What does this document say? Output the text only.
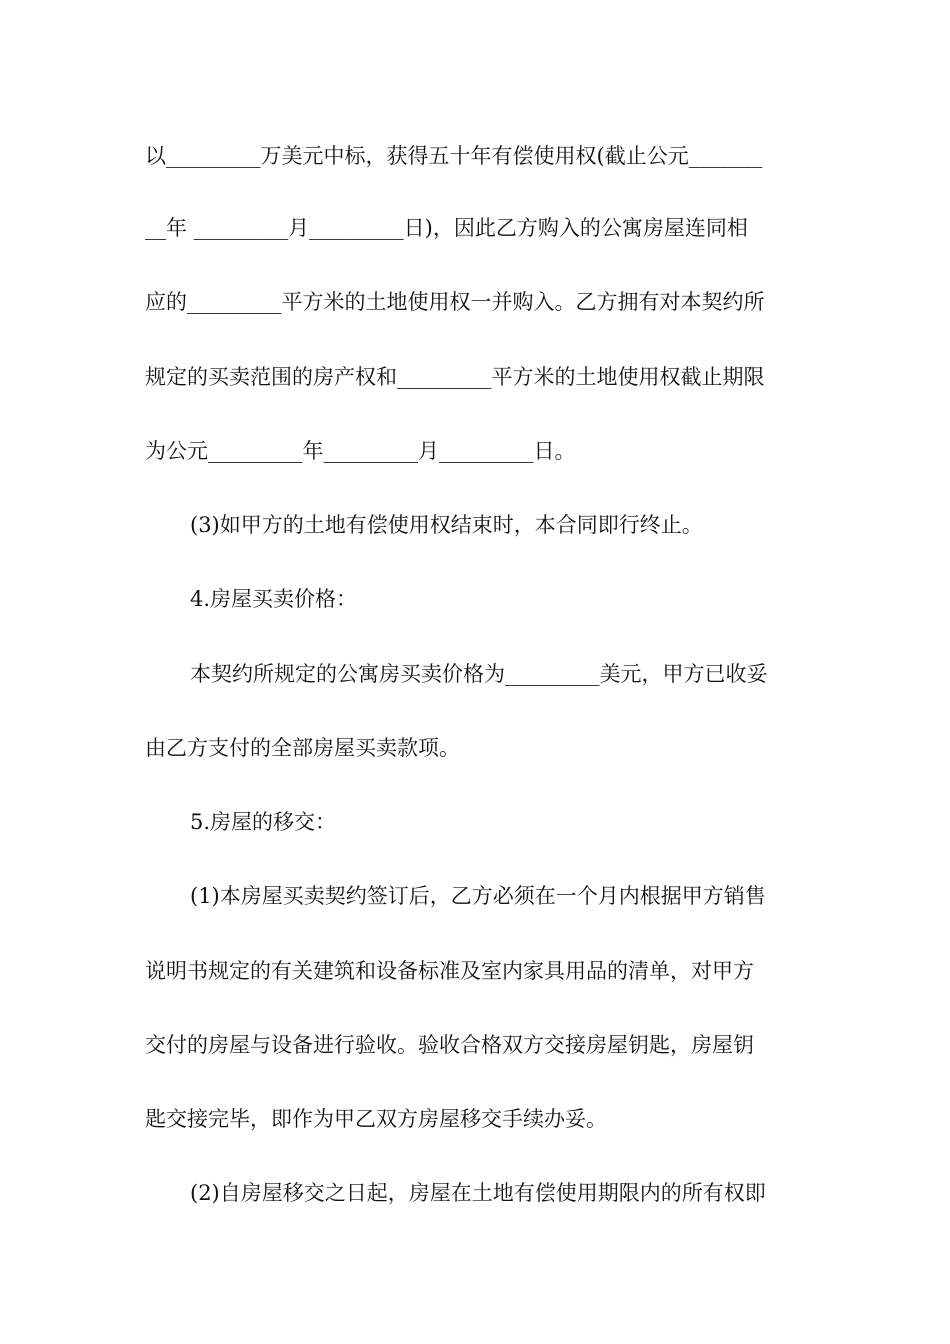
以_________万美元中标，获得五十年有偿使用权(截止公元_______
__年 _________月_________日)，因此乙方购入的公寓房屋连同相
应的_________平方米的土地使用权一并购入。乙方拥有对本契约所
规定的买卖范围的房产权和_________平方米的土地使用权截止期限
为公元_________年_________月_________日。
(3)如甲方的土地有偿使用权结束时，本合同即行终止。
4.房屋买卖价格：
本契约所规定的公寓房买卖价格为_________美元，甲方已收妥
由乙方支付的全部房屋买卖款项。
5.房屋的移交：
(1)本房屋买卖契约签订后，乙方必须在一个月内根据甲方销售
说明书规定的有关建筑和设备标准及室内家具用品的清单，对甲方
交付的房屋与设备进行验收。验收合格双方交接房屋钥匙，房屋钥
匙交接完毕，即作为甲乙双方房屋移交手续办妥。
(2)自房屋移交之日起，房屋在土地有偿使用期限内的所有权即
